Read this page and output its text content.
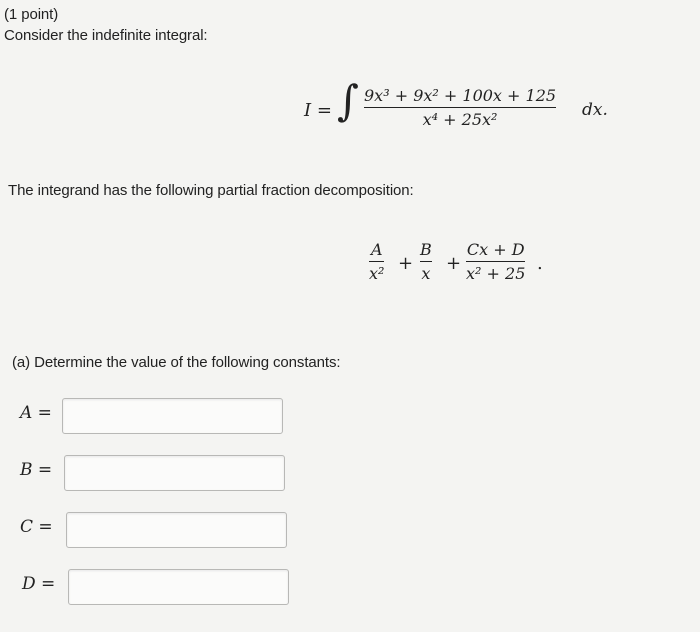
(1 point)
Consider the indefinite integral:
I = ∫ 9x³ + 9x² + 100x + 125
x⁴ + 25x²	dx.
The integrand has the following partial fraction decomposition:
A
x² +
B
x +
Cx + D
x² + 25 .
(a) Determine the value of the following constants:
A =
B =
C =
D =
